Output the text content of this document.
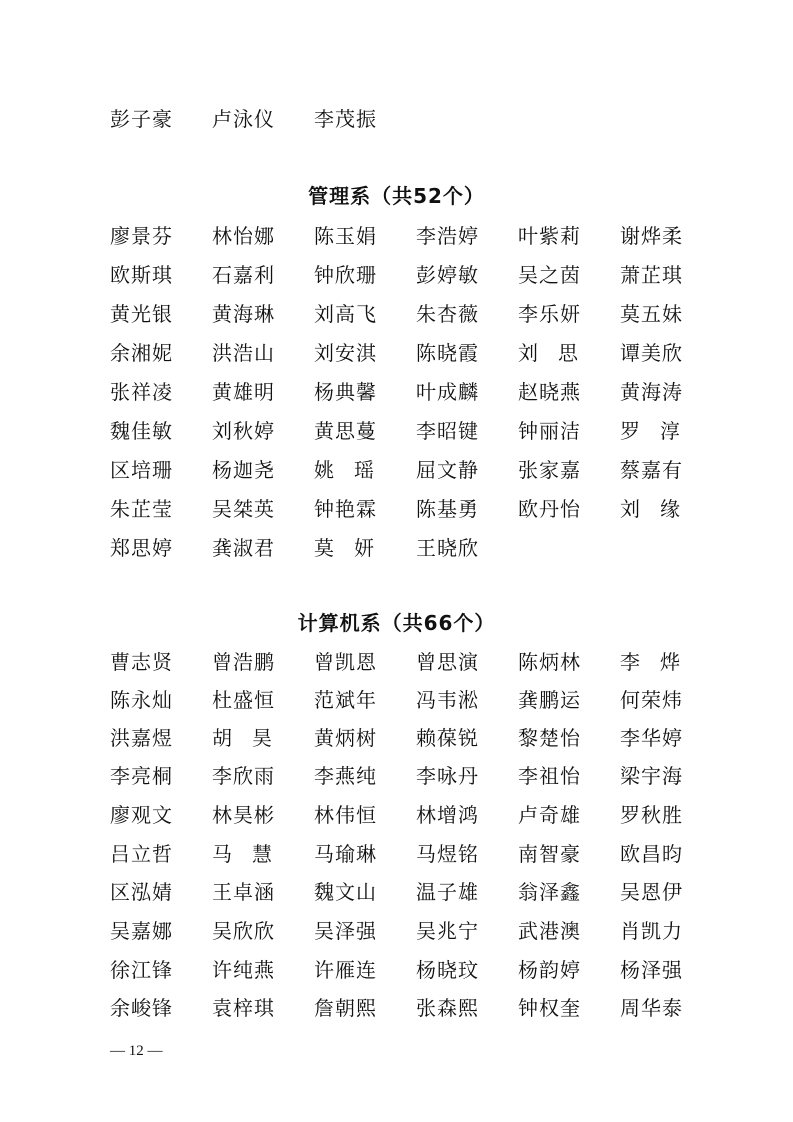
彭子豪	卢泳仪	李茂振
管理系（共52个）
廖景芬	林怡娜	陈玉娟	李浩婷	叶紫莉	谢烨柔
欧斯琪	石嘉利	钟欣珊	彭婷敏	吴之茵	萧芷琪
黄光银	黄海琳	刘高飞	朱杏薇	李乐妍	莫五妹
余湘妮	洪浩山	刘安淇	陈晓霞	刘　思	谭美欣
张祥凌	黄雄明	杨典馨	叶成麟	赵晓燕	黄海涛
魏佳敏	刘秋婷	黄思蔓	李昭键	钟丽洁	罗　淳
区培珊	杨迦尧	姚　瑶	屈文静	张家嘉	蔡嘉有
朱芷莹	吴桀英	钟艳霖	陈基勇	欧丹怡	刘　缘
郑思婷	龚淑君	莫　妍	王晓欣
计算机系（共66个）
曹志贤	曾浩鹏	曾凯恩	曾思演	陈炳林	李　烨
陈永灿	杜盛恒	范斌年	冯韦淞	龚鹏运	何荣炜
洪嘉煜	胡　昊	黄炳树	赖葆锐	黎楚怡	李华婷
李亮桐	李欣雨	李燕纯	李咏丹	李祖怡	梁宇海
廖观文	林昊彬	林伟恒	林增鸿	卢奇雄	罗秋胜
吕立哲	马　慧	马瑜琳	马煜铭	南智豪	欧昌昀
区泓婧	王卓涵	魏文山	温子雄	翁泽鑫	吴恩伊
吴嘉娜	吴欣欣	吴泽强	吴兆宁	武港澳	肖凯力
徐江锋	许纯燕	许雁连	杨晓玟	杨韵婷	杨泽强
余峻锋	袁梓琪	詹朝熙	张森熙	钟权奎	周华泰
— 12 —
